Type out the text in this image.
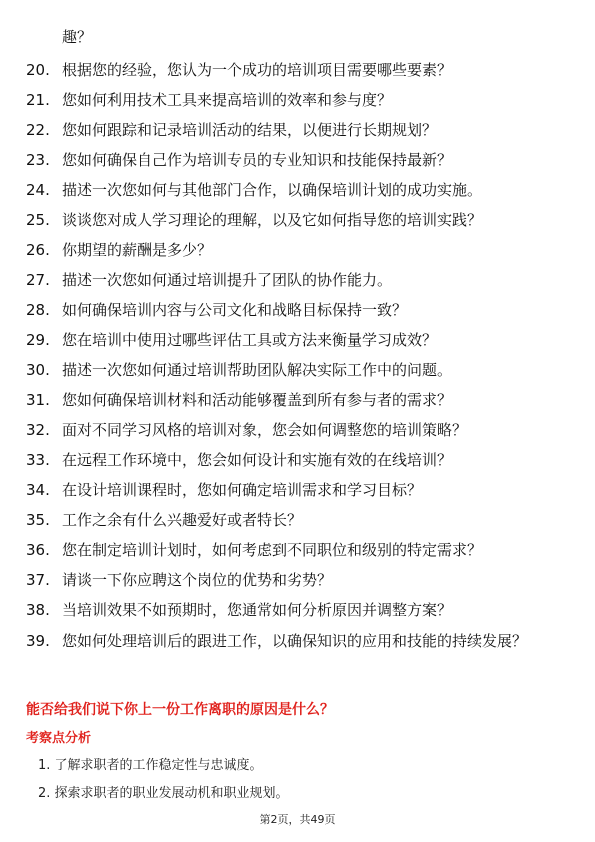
趣？
20. 根据您的经验，您认为一个成功的培训项目需要哪些要素？
21. 您如何利用技术工具来提高培训的效率和参与度？
22. 您如何跟踪和记录培训活动的结果，以便进行长期规划？
23. 您如何确保自己作为培训专员的专业知识和技能保持最新？
24. 描述一次您如何与其他部门合作，以确保培训计划的成功实施。
25. 谈谈您对成人学习理论的理解，以及它如何指导您的培训实践？
26. 你期望的薪酬是多少？
27. 描述一次您如何通过培训提升了团队的协作能力。
28. 如何确保培训内容与公司文化和战略目标保持一致？
29. 您在培训中使用过哪些评估工具或方法来衡量学习成效？
30. 描述一次您如何通过培训帮助团队解决实际工作中的问题。
31. 您如何确保培训材料和活动能够覆盖到所有参与者的需求？
32. 面对不同学习风格的培训对象，您会如何调整您的培训策略？
33. 在远程工作环境中，您会如何设计和实施有效的在线培训？
34. 在设计培训课程时，您如何确定培训需求和学习目标？
35. 工作之余有什么兴趣爱好或者特长？
36. 您在制定培训计划时，如何考虑到不同职位和级别的特定需求？
37. 请谈一下你应聘这个岗位的优势和劣势？
38. 当培训效果不如预期时，您通常如何分析原因并调整方案？
39. 您如何处理培训后的跟进工作，以确保知识的应用和技能的持续发展？
能否给我们说下你上一份工作离职的原因是什么？
考察点分析
1. 了解求职者的工作稳定性与忠诚度。
2. 探索求职者的职业发展动机和职业规划。
第2页，共49页
